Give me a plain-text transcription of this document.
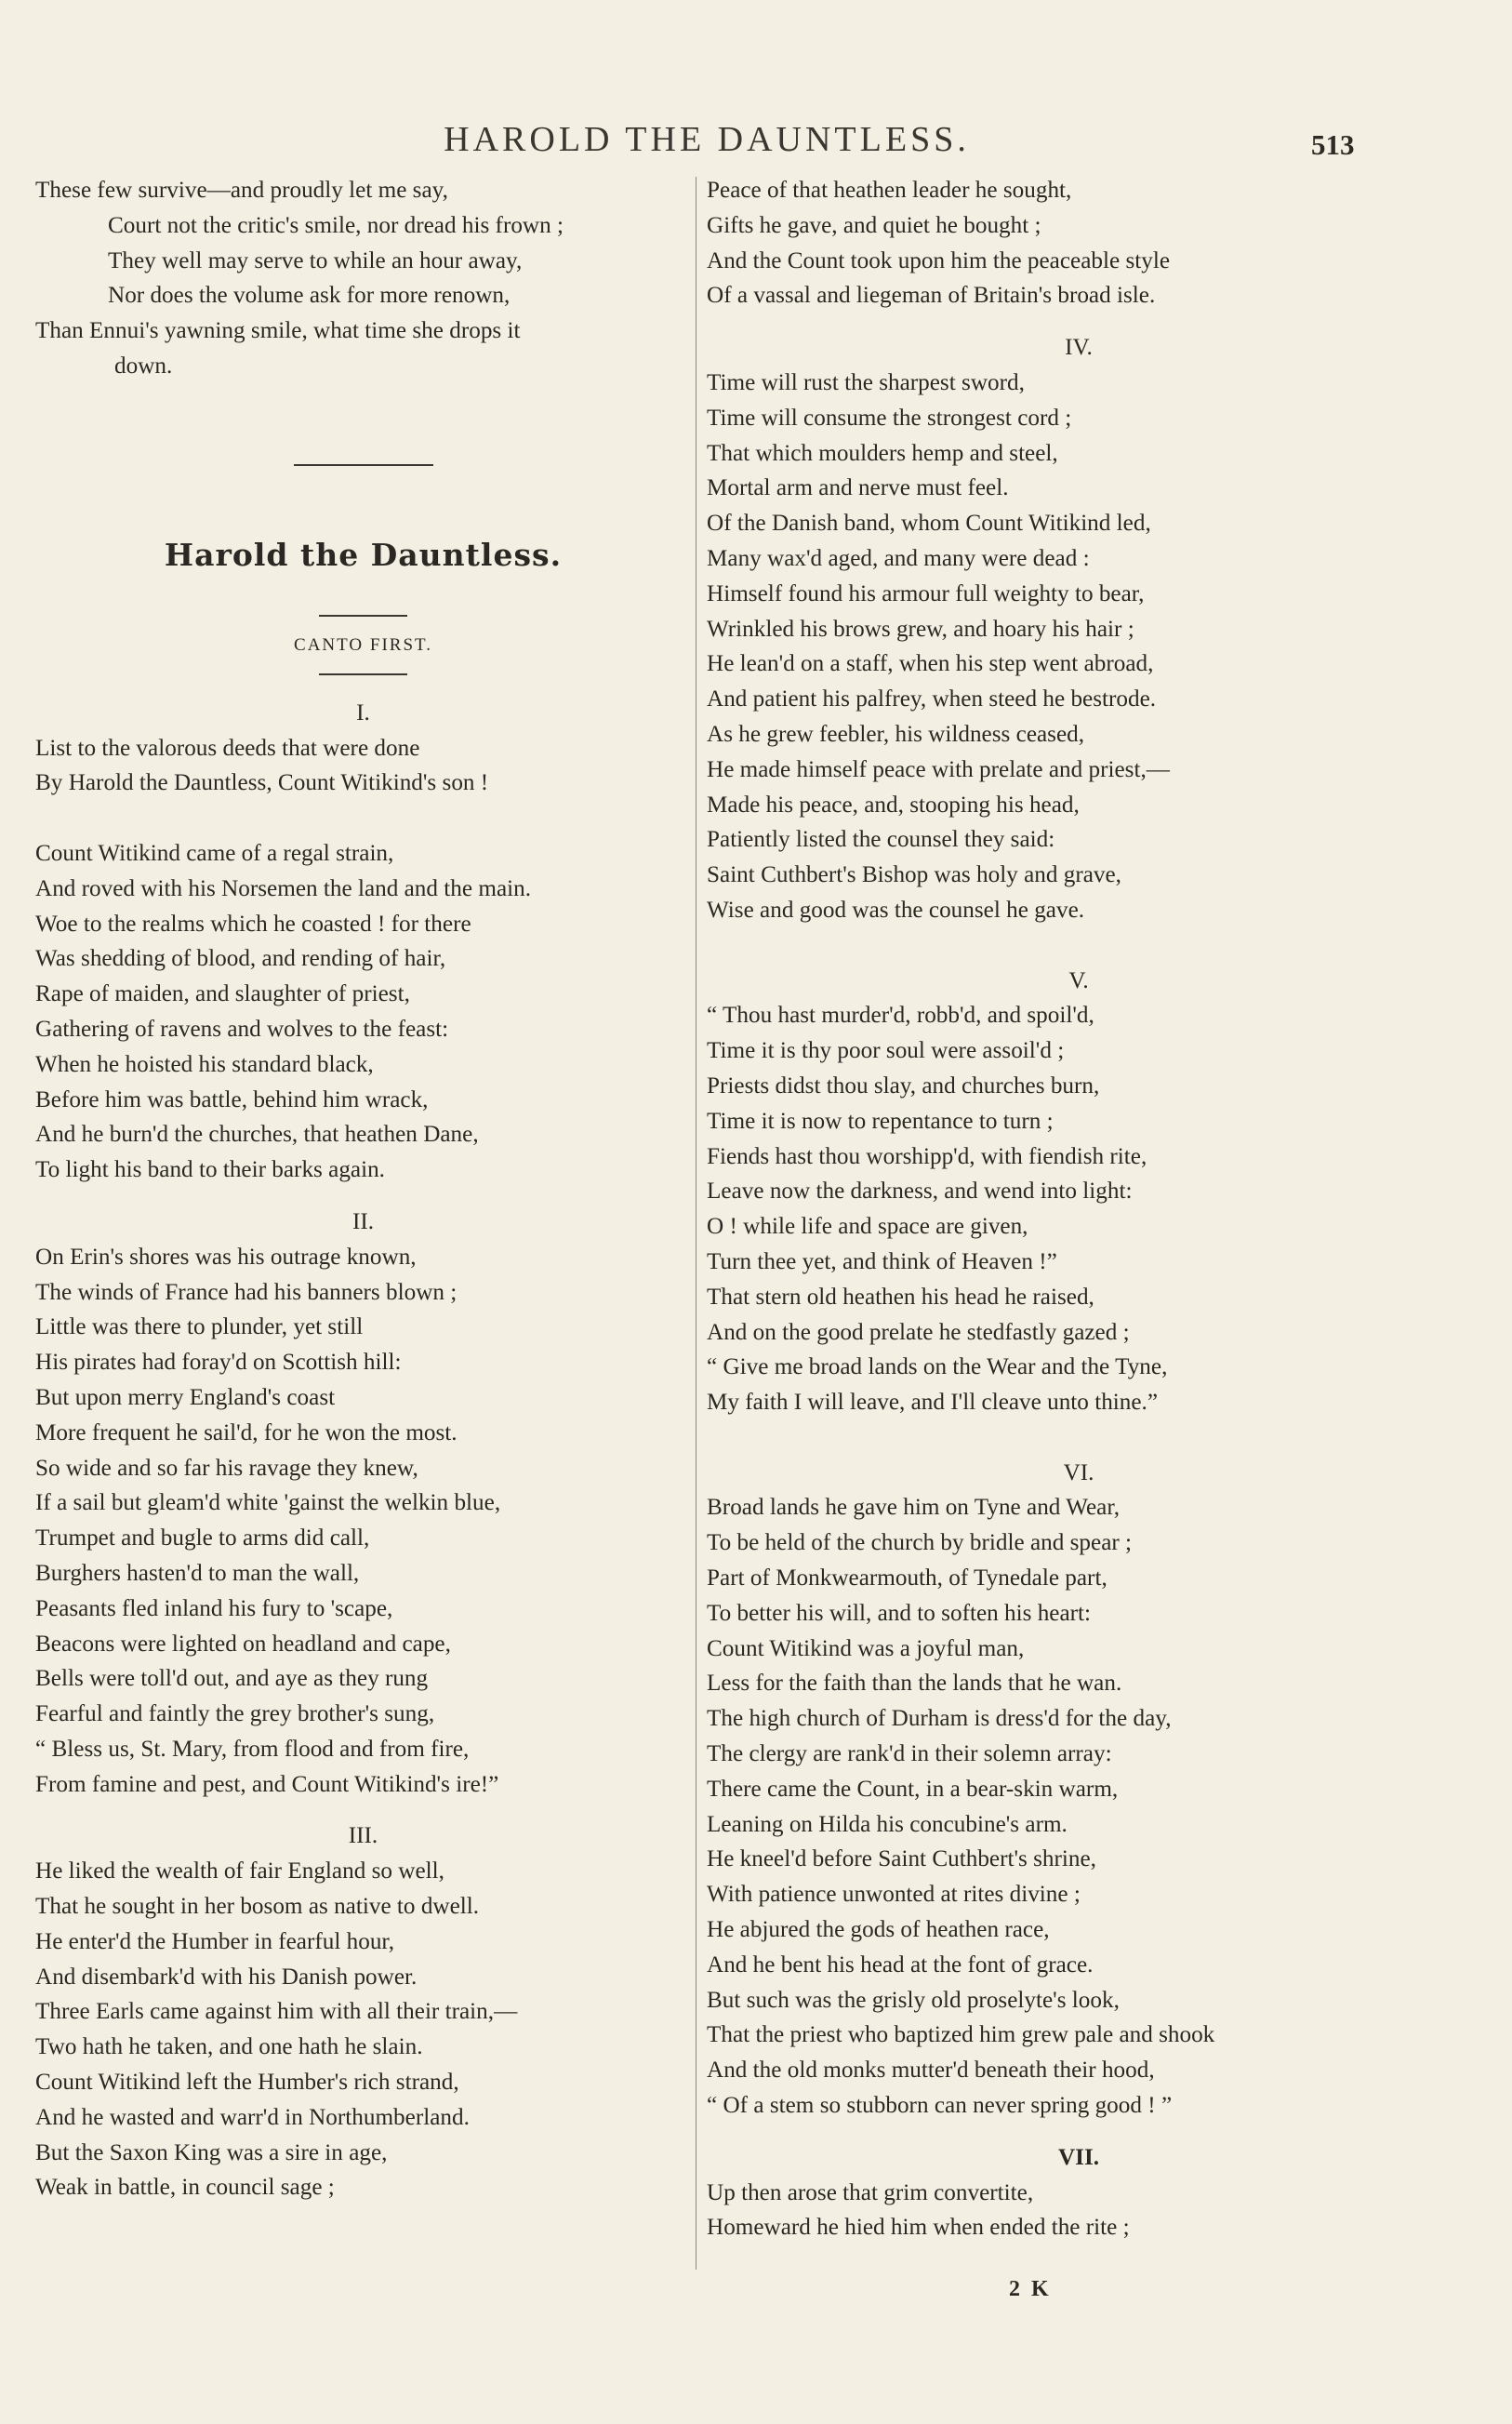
HAROLD THE DAUNTLESS.	513
These few survive—and proudly let me say,
Court not the critic's smile, nor dread his frown ;
They well may serve to while an hour away,
Nor does the volume ask for more renown,
Than Ennui's yawning smile, what time she drops it
down.
Harold the Dauntless.
CANTO FIRST.
I.
List to the valorous deeds that were done
By Harold the Dauntless, Count Witikind's son !
Count Witikind came of a regal strain,
And roved with his Norsemen the land and the main.
Woe to the realms which he coasted ! for there
Was shedding of blood, and rending of hair,
Rape of maiden, and slaughter of priest,
Gathering of ravens and wolves to the feast:
When he hoisted his standard black,
Before him was battle, behind him wrack,
And he burn'd the churches, that heathen Dane,
To light his band to their barks again.
II.
On Erin's shores was his outrage known,
The winds of France had his banners blown ;
Little was there to plunder, yet still
His pirates had foray'd on Scottish hill:
But upon merry England's coast
More frequent he sail'd, for he won the most.
So wide and so far his ravage they knew,
If a sail but gleam'd white 'gainst the welkin blue,
Trumpet and bugle to arms did call,
Burghers hasten'd to man the wall,
Peasants fled inland his fury to 'scape,
Beacons were lighted on headland and cape,
Bells were toll'd out, and aye as they rung
Fearful and faintly the grey brother's sung,
“ Bless us, St. Mary, from flood and from fire,
From famine and pest, and Count Witikind's ire!”
III.
He liked the wealth of fair England so well,
That he sought in her bosom as native to dwell.
He enter'd the Humber in fearful hour,
And disembark'd with his Danish power.
Three Earls came against him with all their train,—
Two hath he taken, and one hath he slain.
Count Witikind left the Humber's rich strand,
And he wasted and warr'd in Northumberland.
But the Saxon King was a sire in age,
Weak in battle, in council sage ;
Peace of that heathen leader he sought,
Gifts he gave, and quiet he bought ;
And the Count took upon him the peaceable style
Of a vassal and liegeman of Britain's broad isle.
IV.
Time will rust the sharpest sword,
Time will consume the strongest cord ;
That which moulders hemp and steel,
Mortal arm and nerve must feel.
Of the Danish band, whom Count Witikind led,
Many wax'd aged, and many were dead :
Himself found his armour full weighty to bear,
Wrinkled his brows grew, and hoary his hair ;
He lean'd on a staff, when his step went abroad,
And patient his palfrey, when steed he bestrode.
As he grew feebler, his wildness ceased,
He made himself peace with prelate and priest,—
Made his peace, and, stooping his head,
Patiently listed the counsel they said:
Saint Cuthbert's Bishop was holy and grave,
Wise and good was the counsel he gave.
V.
“ Thou hast murder'd, robb'd, and spoil'd,
Time it is thy poor soul were assoil'd ;
Priests didst thou slay, and churches burn,
Time it is now to repentance to turn ;
Fiends hast thou worshipp'd, with fiendish rite,
Leave now the darkness, and wend into light:
O ! while life and space are given,
Turn thee yet, and think of Heaven !”
That stern old heathen his head he raised,
And on the good prelate he stedfastly gazed ;
“ Give me broad lands on the Wear and the Tyne,
My faith I will leave, and I'll cleave unto thine.”
VI.
Broad lands he gave him on Tyne and Wear,
To be held of the church by bridle and spear ;
Part of Monkwearmouth, of Tynedale part,
To better his will, and to soften his heart:
Count Witikind was a joyful man,
Less for the faith than the lands that he wan.
The high church of Durham is dress'd for the day,
The clergy are rank'd in their solemn array:
There came the Count, in a bear-skin warm,
Leaning on Hilda his concubine's arm.
He kneel'd before Saint Cuthbert's shrine,
With patience unwonted at rites divine ;
He abjured the gods of heathen race,
And he bent his head at the font of grace.
But such was the grisly old proselyte's look,
That the priest who baptized him grew pale and shook
And the old monks mutter'd beneath their hood,
“ Of a stem so stubborn can never spring good ! ”
VII.
Up then arose that grim convertite,
Homeward he hied him when ended the rite ;
2 K
